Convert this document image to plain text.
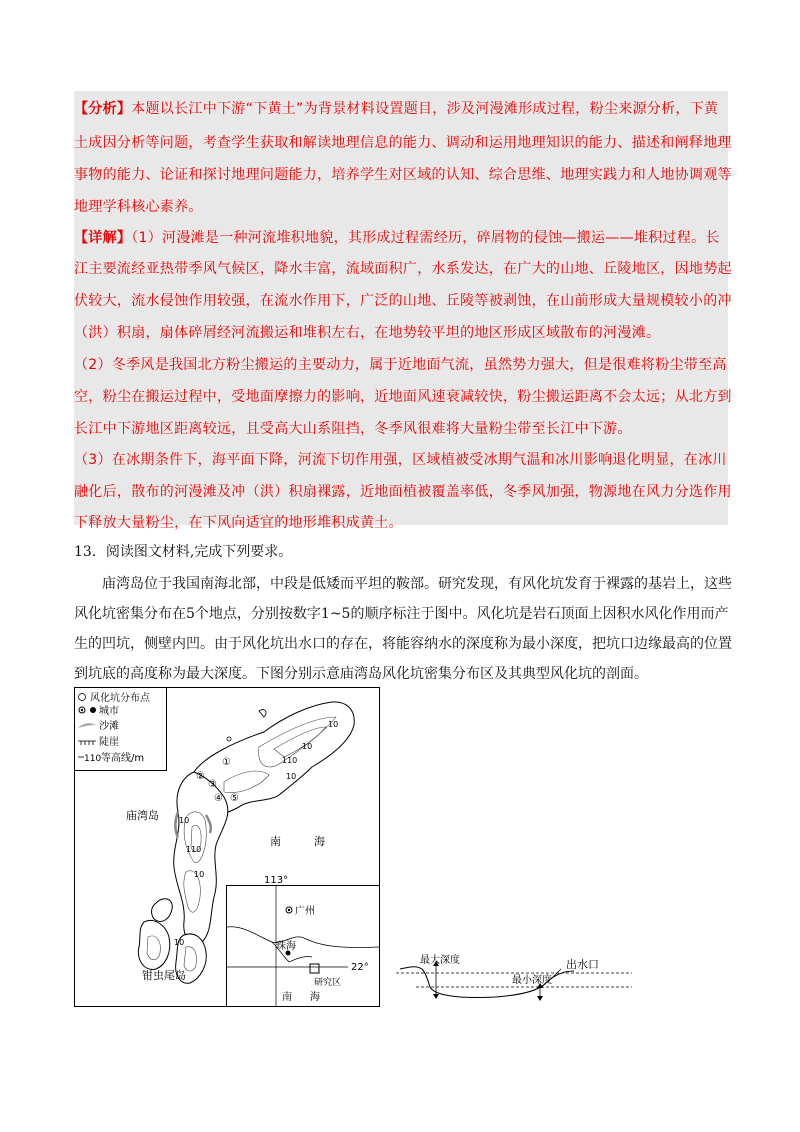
【分析】本题以长江中下游“下黄土”为背景材料设置题目，涉及河漫滩形成过程，粉尘来源分析，下黄
土成因分析等问题，考查学生获取和解读地理信息的能力、调动和运用地理知识的能力、描述和阐释地理
事物的能力、论证和探讨地理问题能力，培养学生对区域的认知、综合思维、地理实践力和人地协调观等
地理学科核心素养。
【详解】（1）河漫滩是一种河流堆积地貌，其形成过程需经历，碎屑物的侵蚀—搬运——堆积过程。长
江主要流经亚热带季风气候区，降水丰富，流域面积广，水系发达，在广大的山地、丘陵地区，因地势起
伏较大，流水侵蚀作用较强，在流水作用下，广泛的山地、丘陵等被剥蚀，在山前形成大量规模较小的冲
（洪）积扇，扇体碎屑经河流搬运和堆积左右，在地势较平坦的地区形成区域散布的河漫滩。
（2）冬季风是我国北方粉尘搬运的主要动力，属于近地面气流，虽然势力强大，但是很难将粉尘带至高
空，粉尘在搬运过程中，受地面摩擦力的影响，近地面风速衰减较快，粉尘搬运距离不会太远；从北方到
长江中下游地区距离较远，且受高大山系阻挡，冬季风很难将大量粉尘带至长江中下游。
（3）在冰期条件下，海平面下降，河流下切作用强，区域植被受冰期气温和冰川影响退化明显，在冰川
融化后，散布的河漫滩及冲（洪）积扇裸露，近地面植被覆盖率低，冬季风加强，物源地在风力分选作用
下释放大量粉尘，在下风向适宜的地形堆积成黄土。
13．阅读图文材料,完成下列要求。
庙湾岛位于我国南海北部，中段是低矮而平坦的鞍部。研究发现，有风化坑发育于裸露的基岩上，这些
风化坑密集分布在5个地点，分别按数字1~5的顺序标注于图中。风化坑是岩石顶面上因积水风化作用而产
生的凹坑，侧壁内凹。由于风化坑出水口的存在，将能容纳水的深度称为最小深度，把坑口边缘最高的位置
到坑底的高度称为最大深度。下图分别示意庙湾岛风化坑密集分布区及其典型风化坑的剖面。
风化坑分布点
城市
沙滩
陡崖
110 等高线/m
10
10
10
10
10
10
110
110
①
②
③
④ ⑤
庙湾岛
钳虫尾岛
南	海
113°
22°
广州
珠海
研究区
南 海
最大深度
最小深度
出水口
